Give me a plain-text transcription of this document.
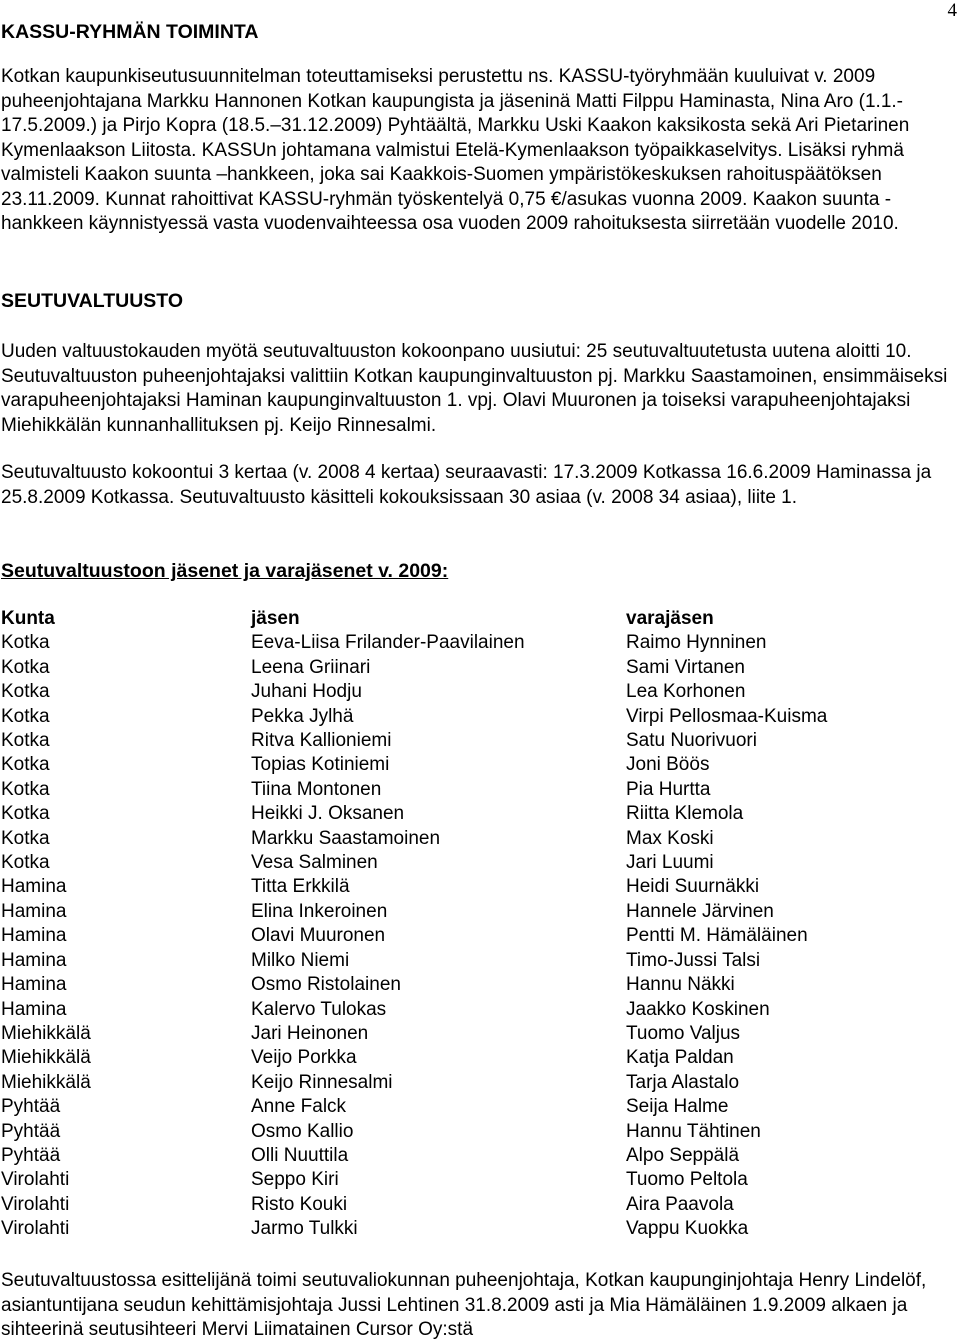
4
KASSU-RYHMÄN TOIMINTA

Kotkan kaupunkiseutusuunnitelman toteuttamiseksi perustettu ns. KASSU-työryhmään kuuluivat v. 2009 puheenjohtajana Markku Hannonen Kotkan kaupungista ja jäseninä Matti Filppu Haminasta, Nina Aro (1.1.- 17.5.2009.) ja Pirjo Kopra (18.5.–31.12.2009) Pyhtäältä, Markku Uski Kaakon kaksikosta sekä Ari Pietarinen Kymenlaakson Liitosta. KASSUn johtamana valmistui Etelä-Kymenlaakson työpaikkaselvitys. Lisäksi ryhmä valmisteli Kaakon suunta –hankkeen, joka sai Kaakkois-Suomen ympäristökeskuksen rahoituspäätöksen 23.11.2009. Kunnat rahoittivat KASSU-ryhmän työskentelyä 0,75 €/asukas vuonna 2009. Kaakon suunta -hankkeen käynnistyessä vasta vuodenvaihteessa osa vuoden 2009 rahoituksesta siirretään vuodelle 2010.

SEUTUVALTUUSTO

Uuden valtuustokauden myötä seutuvaltuuston kokoonpano uusiutui: 25 seutuvaltuutetusta uutena aloitti 10. Seutuvaltuuston puheenjohtajaksi valittiin Kotkan kaupunginvaltuuston pj. Markku Saastamoinen, ensimmäiseksi varapuheenjohtajaksi Haminan kaupunginvaltuuston 1. vpj. Olavi Muuronen ja toiseksi varapuheenjohtajaksi Miehikkälän kunnanhallituksen pj. Keijo Rinnesalmi.

Seutuvaltuusto kokoontui 3 kertaa (v. 2008 4 kertaa) seuraavasti: 17.3.2009 Kotkassa 16.6.2009 Haminassa ja 25.8.2009 Kotkassa. Seutuvaltuusto käsitteli kokouksissaan 30 asiaa (v. 2008 34 asiaa), liite 1.

Seutuvaltuustoon jäsenet ja varajäsenet v. 2009:
Kunta	jäsen	varajäsen
Kotka	Eeva-Liisa Frilander-Paavilainen	Raimo Hynninen
Kotka	Leena Griinari	Sami Virtanen
Kotka	Juhani Hodju	Lea Korhonen
Kotka	Pekka Jylhä	Virpi Pellosmaa-Kuisma
Kotka	Ritva Kallioniemi	Satu Nuorivuori
Kotka	Topias Kotiniemi	Joni Böös
Kotka	Tiina Montonen	Pia Hurtta
Kotka	Heikki J. Oksanen	Riitta Klemola
Kotka	Markku Saastamoinen	Max Koski
Kotka	Vesa Salminen	Jari Luumi
Hamina	Titta Erkkilä	Heidi Suurnäkki
Hamina	Elina Inkeroinen	Hannele Järvinen
Hamina	Olavi Muuronen	Pentti M. Hämäläinen
Hamina	Milko Niemi	Timo-Jussi Talsi
Hamina	Osmo Ristolainen	Hannu Näkki
Hamina	Kalervo Tulokas	Jaakko Koskinen
Miehikkälä	Jari Heinonen	Tuomo Valjus
Miehikkälä	Veijo Porkka	Katja Paldan
Miehikkälä	Keijo Rinnesalmi	Tarja Alastalo
Pyhtää	Anne Falck	Seija Halme
Pyhtää	Osmo Kallio	Hannu Tähtinen
Pyhtää	Olli Nuuttila	Alpo Seppälä
Virolahti	Seppo Kiri	Tuomo Peltola
Virolahti	Risto Kouki	Aira Paavola
Virolahti	Jarmo Tulkki	Vappu Kuokka

Seutuvaltuustossa esittelijänä toimi seutuvaliokunnan puheenjohtaja, Kotkan kaupunginjohtaja Henry Lindelöf, asiantuntijana seudun kehittämisjohtaja Jussi Lehtinen 31.8.2009 asti ja Mia Hämäläinen 1.9.2009 alkaen ja sihteerinä seutusihteeri Mervi Liimatainen Cursor Oy:stä
